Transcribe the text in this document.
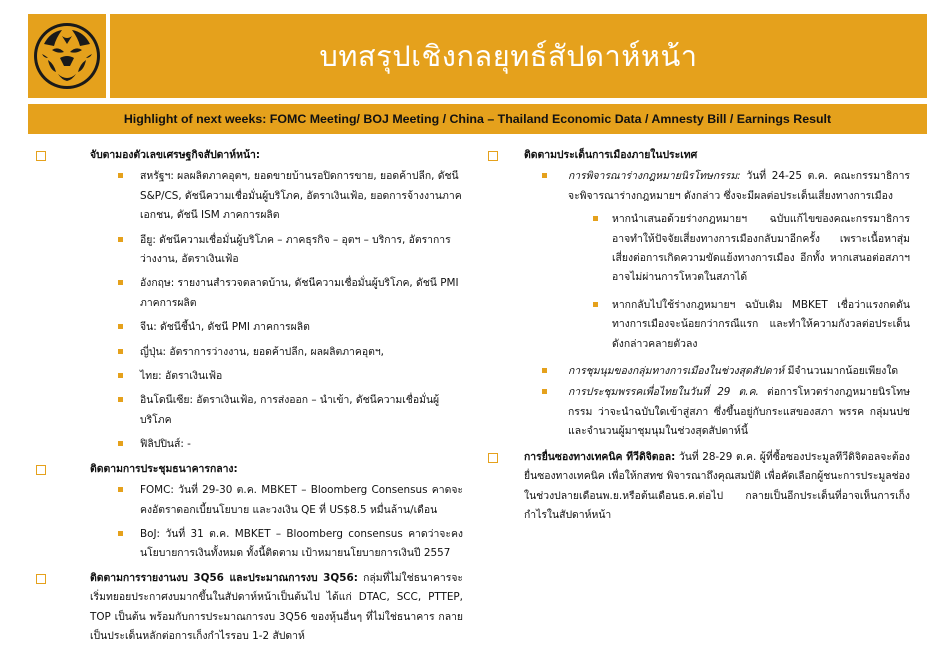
บทสรุปเชิงกลยุทธ์สัปดาห์หน้า
Highlight of next weeks: FOMC Meeting/ BOJ Meeting / China – Thailand Economic Data / Amnesty Bill / Earnings Result
จับตามองตัวเลขเศรษฐกิจสัปดาห์หน้า:
สหรัฐฯ: ผลผลิตภาคอุตฯ, ยอดขายบ้านรอปิดการขาย, ยอดค้าปลีก, ดัชนี S&P/CS, ดัชนีความเชื่อมั่นผู้บริโภค, อัตราเงินเฟ้อ, ยอดการจ้างงานภาคเอกชน, ดัชนี ISM ภาคการผลิต
อียู: ดัชนีความเชื่อมั่นผู้บริโภค – ภาคธุรกิจ – อุตฯ – บริการ, อัตราการว่างงาน, อัตราเงินเฟ้อ
อังกฤษ: รายงานสำรวจตลาดบ้าน, ดัชนีความเชื่อมั่นผู้บริโภค, ดัชนี PMI ภาคการผลิต
จีน: ดัชนีชี้นำ, ดัชนี PMI ภาคการผลิต
ญี่ปุ่น: อัตราการว่างงาน, ยอดค้าปลีก, ผลผลิตภาคอุตฯ,
ไทย: อัตราเงินเฟ้อ
อินโดนีเซีย: อัตราเงินเฟ้อ, การส่งออก – นำเข้า, ดัชนีความเชื่อมั่นผู้บริโภค
ฟิลิปปินส์: -
ติดตามการประชุมธนาคารกลาง:
FOMC: วันที่ 29-30 ต.ค. MBKET – Bloomberg Consensus คาดจะคงอัตราดอกเบี้ยนโยบาย และวงเงิน QE ที่ US$8.5 หมื่นล้าน/เดือน
BoJ: วันที่ 31 ต.ค. MBKET – Bloomberg consensus คาดว่าจะคงนโยบายการเงินทั้งหมด ทั้งนี้ติดตาม เป้าหมายนโยบายการเงินปี 2557
ติดตามการรายงานงบ 3Q56 และประมาณการงบ 3Q56: กลุ่มที่ไม่ใช่ธนาคารจะเริ่มทยอยประกาศงบมากขึ้นในสัปดาห์หน้าเป็นต้นไป ได้แก่ DTAC, SCC, PTTEP, TOP เป็นต้น พร้อมกับการประมาณการงบ 3Q56 ของหุ้นอื่นๆ ที่ไม่ใช่ธนาคาร กลายเป็นประเด็นหลักต่อการเก็งกำไรรอบ 1-2 สัปดาห์
ติดตามประเด็นการเมืองภายในประเทศ
การพิจารณาร่างกฎหมายนิรโทษกรรม: วันที่ 24-25 ต.ค. คณะกรรมาธิการจะพิจารณาร่างกฎหมายฯ ดังกล่าว ซึ่งจะมีผลต่อประเด็นเสี่ยงทางการเมือง
หากนำเสนอด้วยร่างกฎหมายฯ ฉบับแก้ไขของคณะกรรมาธิการ อาจทำให้ปัจจัยเสี่ยงทางการเมืองกลับมาอีกครั้ง เพราะเนื้อหาสุ่มเสี่ยงต่อการเกิดความขัดแย้งทางการเมือง อีกทั้ง หากเสนอต่อสภาฯ อาจไม่ผ่านการโหวตในสภาได้
หากกลับไปใช้ร่างกฎหมายฯ ฉบับเดิม MBKET เชื่อว่าแรงกดดันทางการเมืองจะน้อยกว่ากรณีแรก และทำให้ความกังวลต่อประเด็นดังกล่าวคลายตัวลง
การชุมนุมของกลุ่มทางการเมืองในช่วงสุดสัปดาห์ มีจำนวนมากน้อยเพียงใด
การประชุมพรรคเพื่อไทยในวันที่ 29 ต.ค. ต่อการโหวตร่างกฎหมายนิรโทษกรรม ว่าจะนำฉบับใดเข้าสู่สภา ซึ่งขึ้นอยู่กับกระแสของสภา พรรค กลุ่มนปช และจำนวนผู้มาชุมนุมในช่วงสุดสัปดาห์นี้
การยื่นซองทางเทคนิค ทีวีดิจิตอล: วันที่ 28-29 ต.ค. ผู้ที่ซื้อซองประมูลทีวีดิจิตอลจะต้องยื่นซองทางเทคนิค เพื่อให้กสทช พิจารณาถึงคุณสมบัติ เพื่อคัดเลือกผู้ชนะการประมูลช่อง ในช่วงปลายเดือนพ.ย.หรือต้นเดือนธ.ค.ต่อไป กลายเป็นอีกประเด็นที่อาจเห็นการเก็งกำไรในสัปดาห์หน้า
